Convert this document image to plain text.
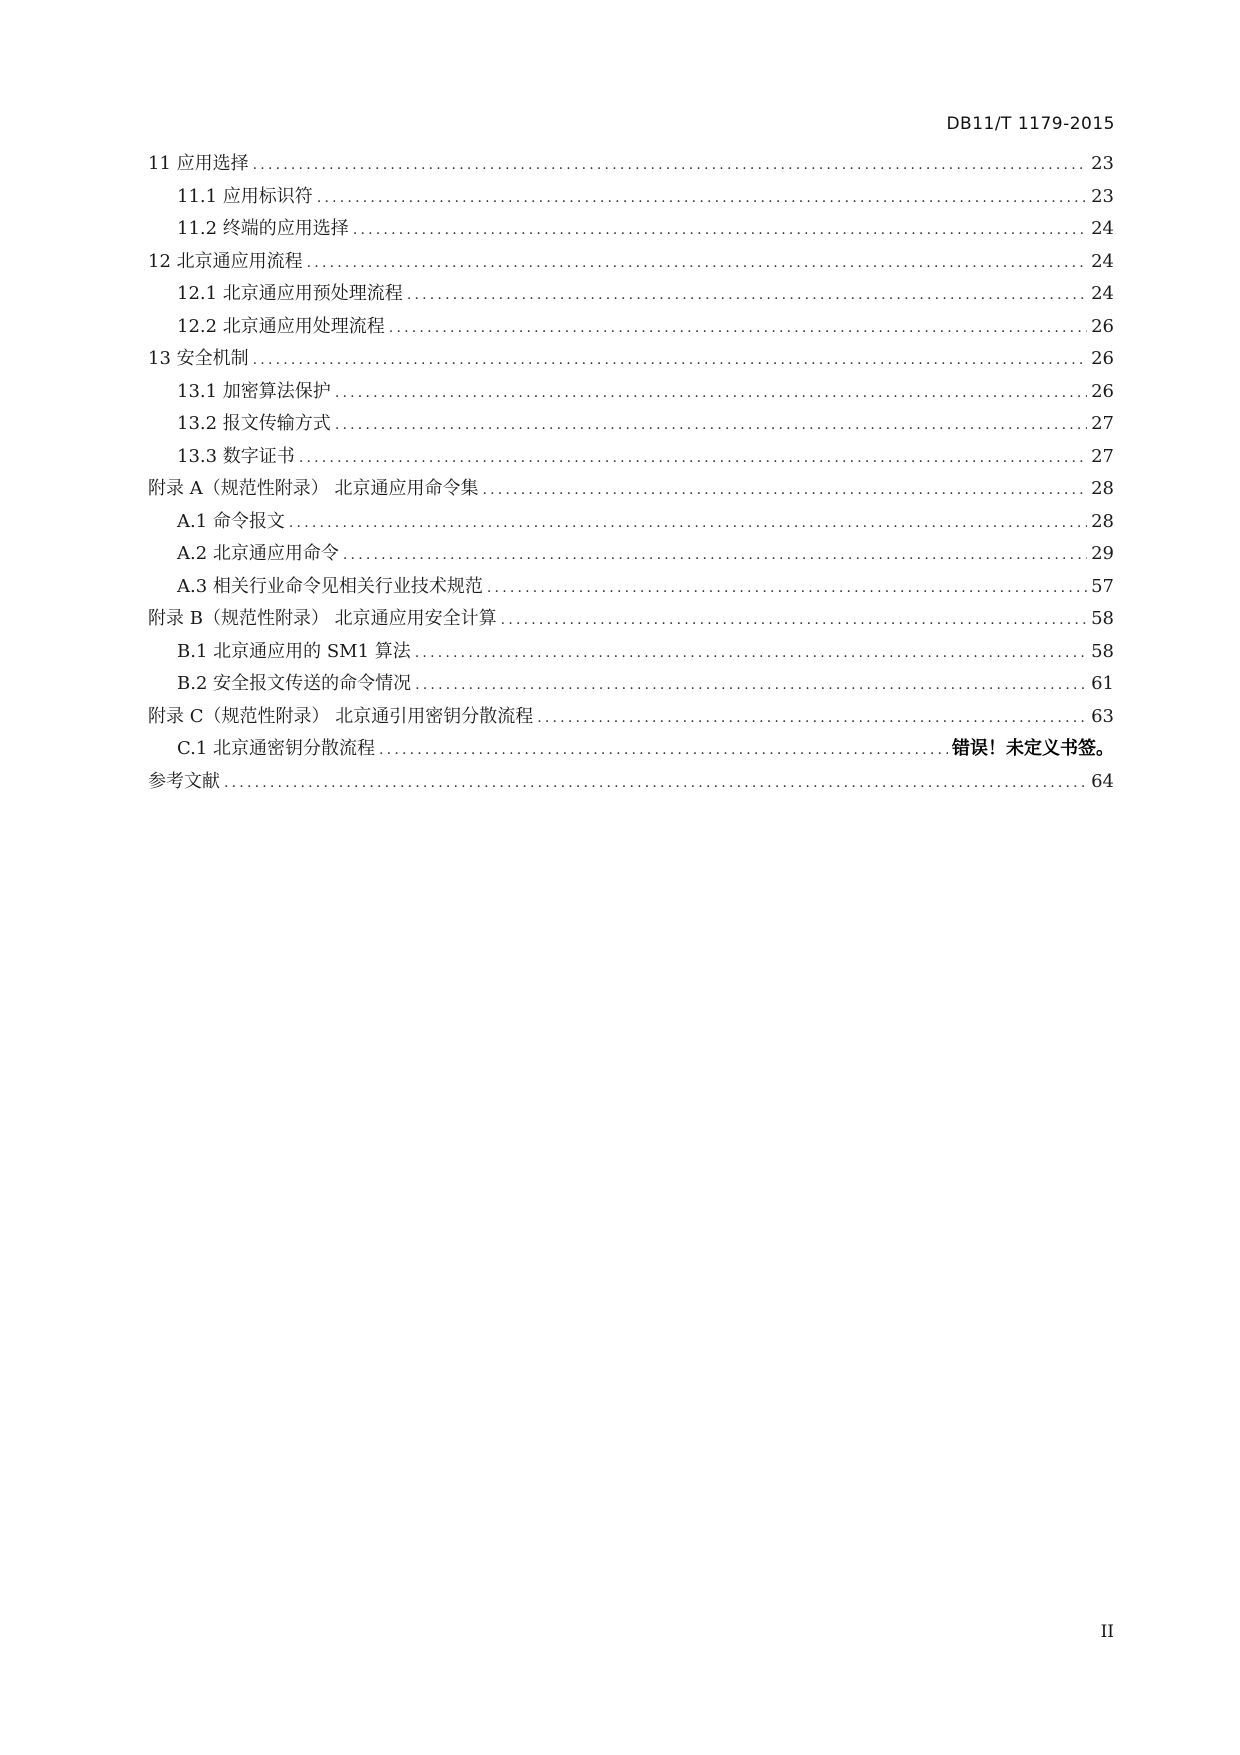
DB11/T 1179-2015
11 应用选择 .....	23
11.1 应用标识符 .....	23
11.2 终端的应用选择 .....	24
12 北京通应用流程 .....	24
12.1 北京通应用预处理流程 .....	24
12.2 北京通应用处理流程 .....	26
13 安全机制 .....	26
13.1 加密算法保护 .....	26
13.2 报文传输方式 .....	27
13.3 数字证书 .....	27
附录 A（规范性附录） 北京通应用命令集 .....	28
A.1 命令报文 .....	28
A.2 北京通应用命令 .....	29
A.3 相关行业命令见相关行业技术规范 .....	57
附录 B（规范性附录） 北京通应用安全计算 .....	58
B.1 北京通应用的 SM1 算法 .....	58
B.2 安全报文传送的命令情况 .....	61
附录 C（规范性附录） 北京通引用密钥分散流程 .....	63
C.1 北京通密钥分散流程 .....	错误！未定义书签。
参考文献 .....	64
II
